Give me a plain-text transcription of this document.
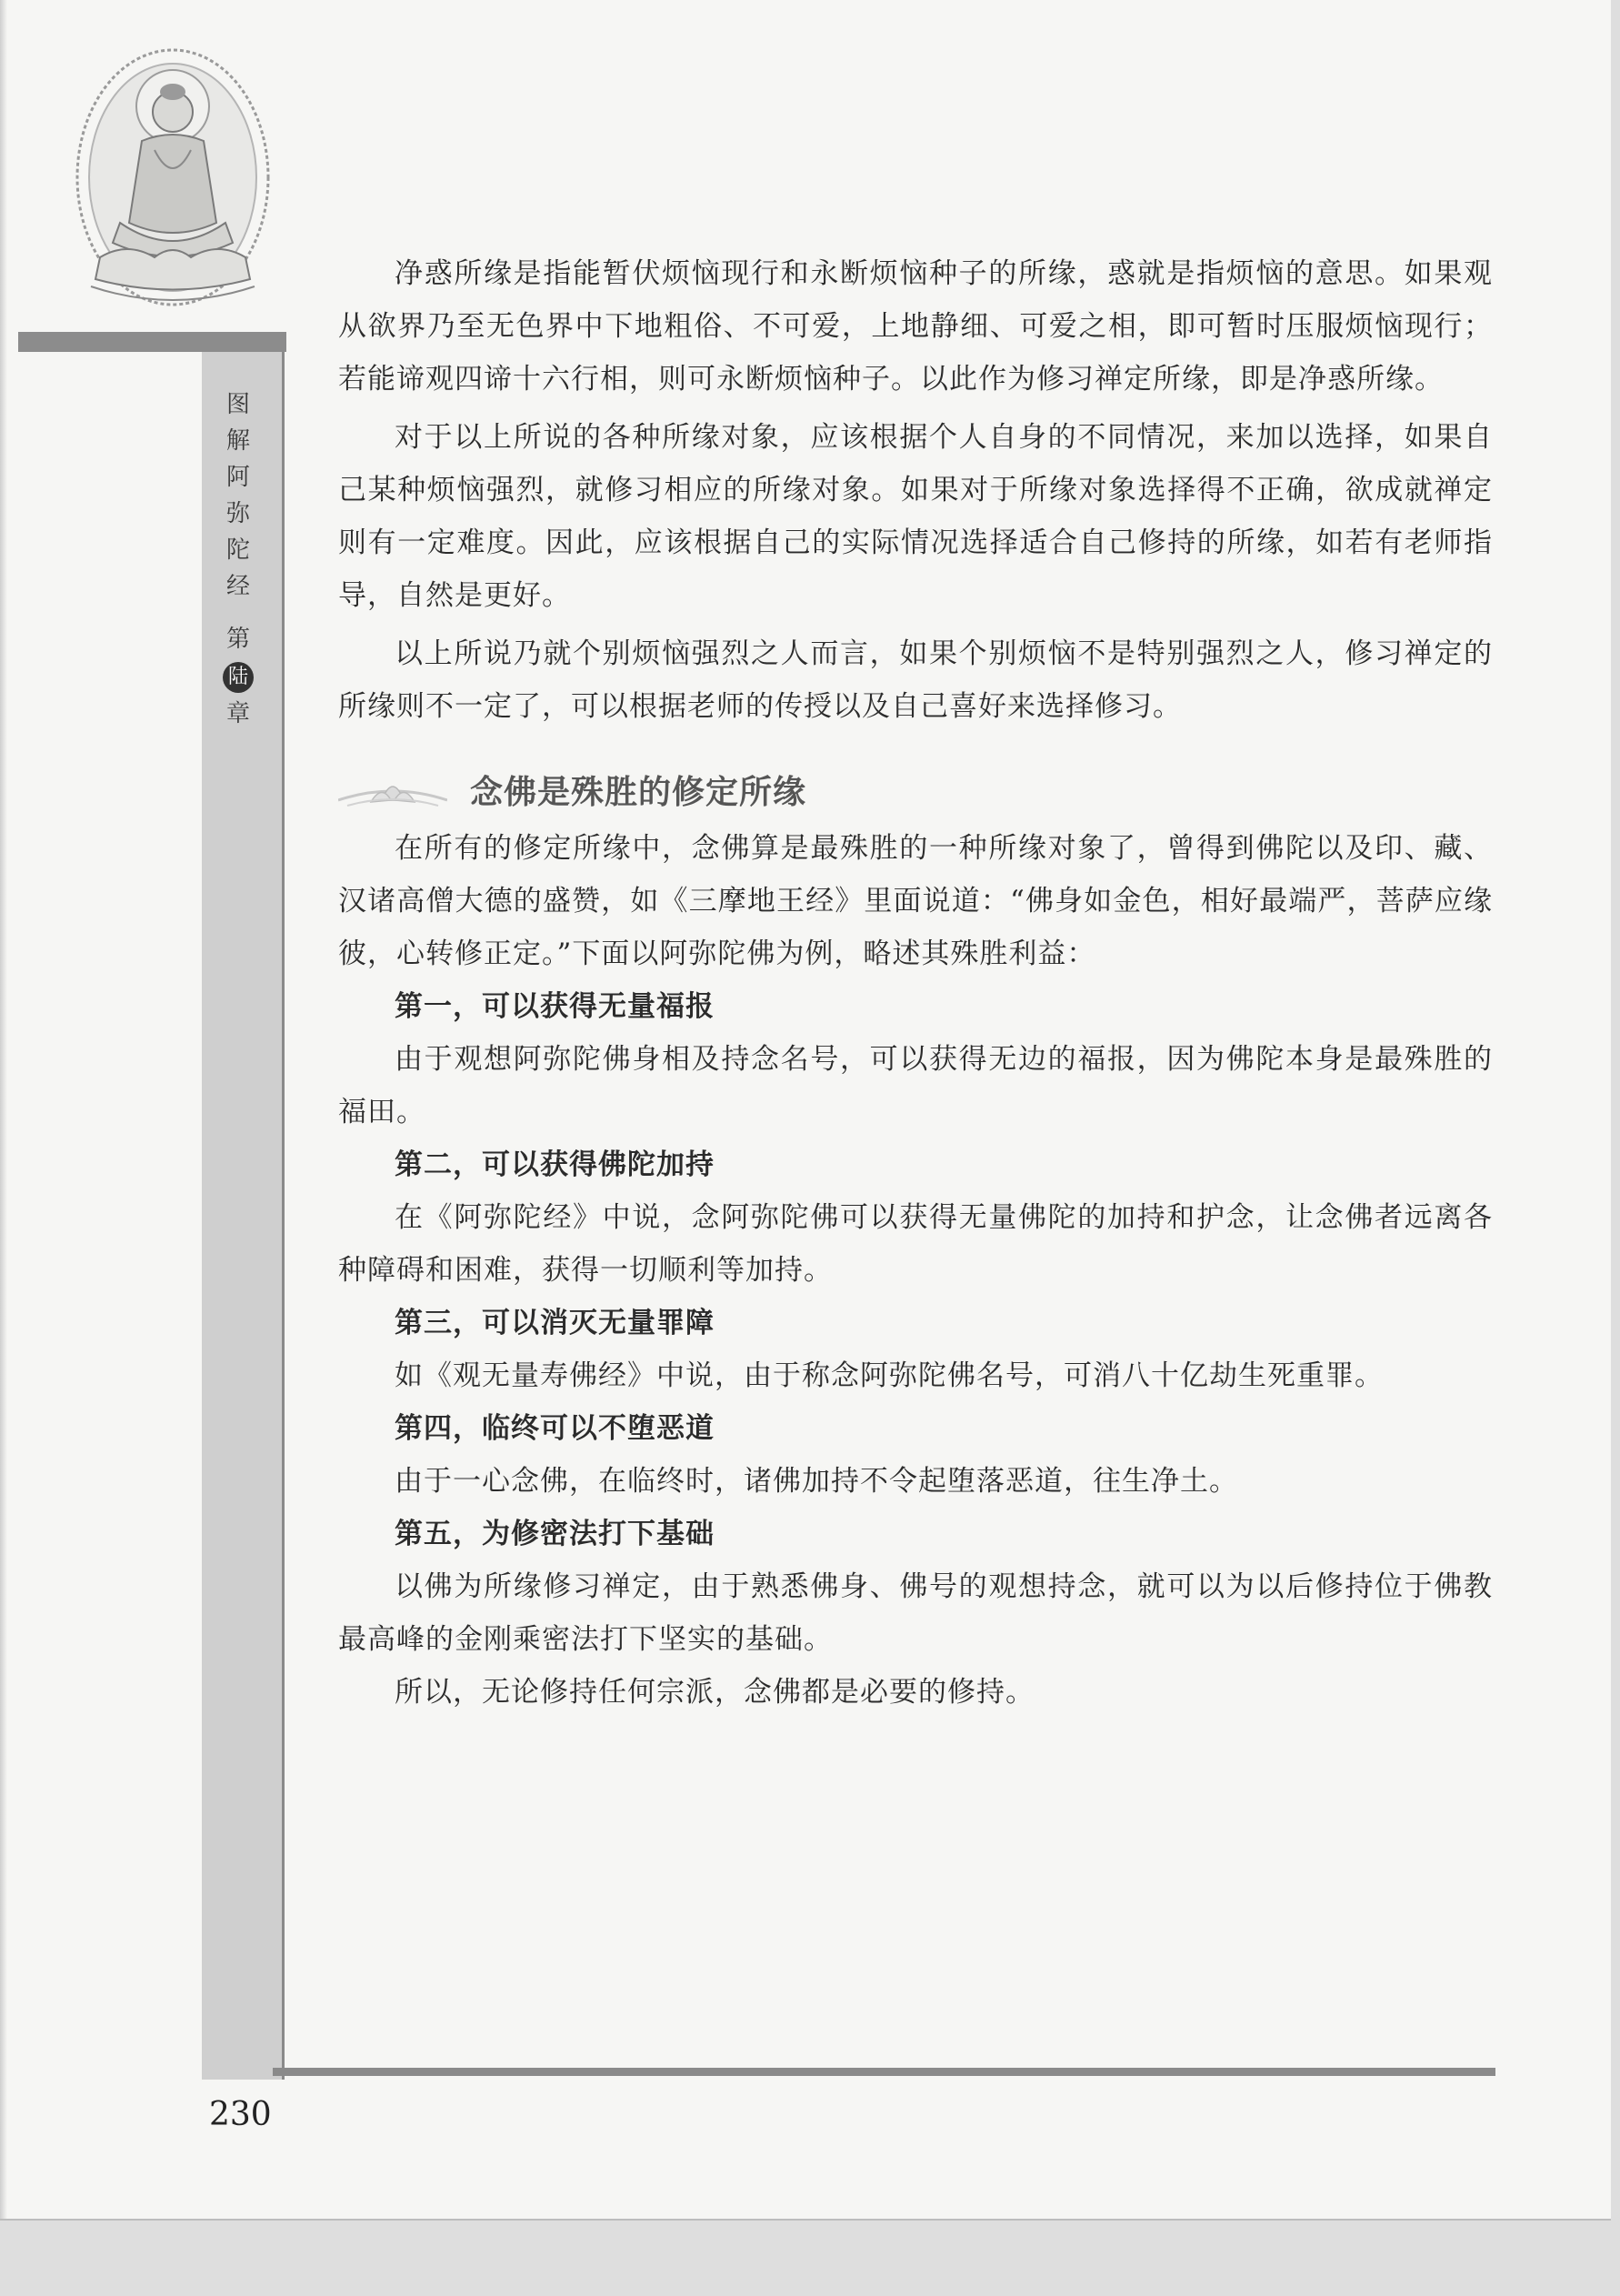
图
解
阿
弥
陀
经
第
陆
章

净惑所缘是指能暂伏烦恼现行和永断烦恼种子的所缘，惑就是指烦恼的意思。如果观从欲界乃至无色界中下地粗俗、不可爱，上地静细、可爱之相，即可暂时压服烦恼现行；若能谛观四谛十六行相，则可永断烦恼种子。以此作为修习禅定所缘，即是净惑所缘。

对于以上所说的各种所缘对象，应该根据个人自身的不同情况，来加以选择，如果自己某种烦恼强烈，就修习相应的所缘对象。如果对于所缘对象选择得不正确，欲成就禅定则有一定难度。因此，应该根据自己的实际情况选择适合自己修持的所缘，如若有老师指导，自然是更好。

以上所说乃就个别烦恼强烈之人而言，如果个别烦恼不是特别强烈之人，修习禅定的所缘则不一定了，可以根据老师的传授以及自己喜好来选择修习。

念佛是殊胜的修定所缘

在所有的修定所缘中，念佛算是最殊胜的一种所缘对象了，曾得到佛陀以及印、藏、汉诸高僧大德的盛赞，如《三摩地王经》里面说道：“佛身如金色，相好最端严，菩萨应缘彼，心转修正定。”下面以阿弥陀佛为例，略述其殊胜利益：

第一，可以获得无量福报

由于观想阿弥陀佛身相及持念名号，可以获得无边的福报，因为佛陀本身是最殊胜的福田。

第二，可以获得佛陀加持

在《阿弥陀经》中说，念阿弥陀佛可以获得无量佛陀的加持和护念，让念佛者远离各种障碍和困难，获得一切顺利等加持。

第三，可以消灭无量罪障

如《观无量寿佛经》中说，由于称念阿弥陀佛名号，可消八十亿劫生死重罪。

第四，临终可以不堕恶道

由于一心念佛，在临终时，诸佛加持不令起堕落恶道，往生净土。

第五，为修密法打下基础

以佛为所缘修习禅定，由于熟悉佛身、佛号的观想持念，就可以为以后修持位于佛教最高峰的金刚乘密法打下坚实的基础。

所以，无论修持任何宗派，念佛都是必要的修持。

230
